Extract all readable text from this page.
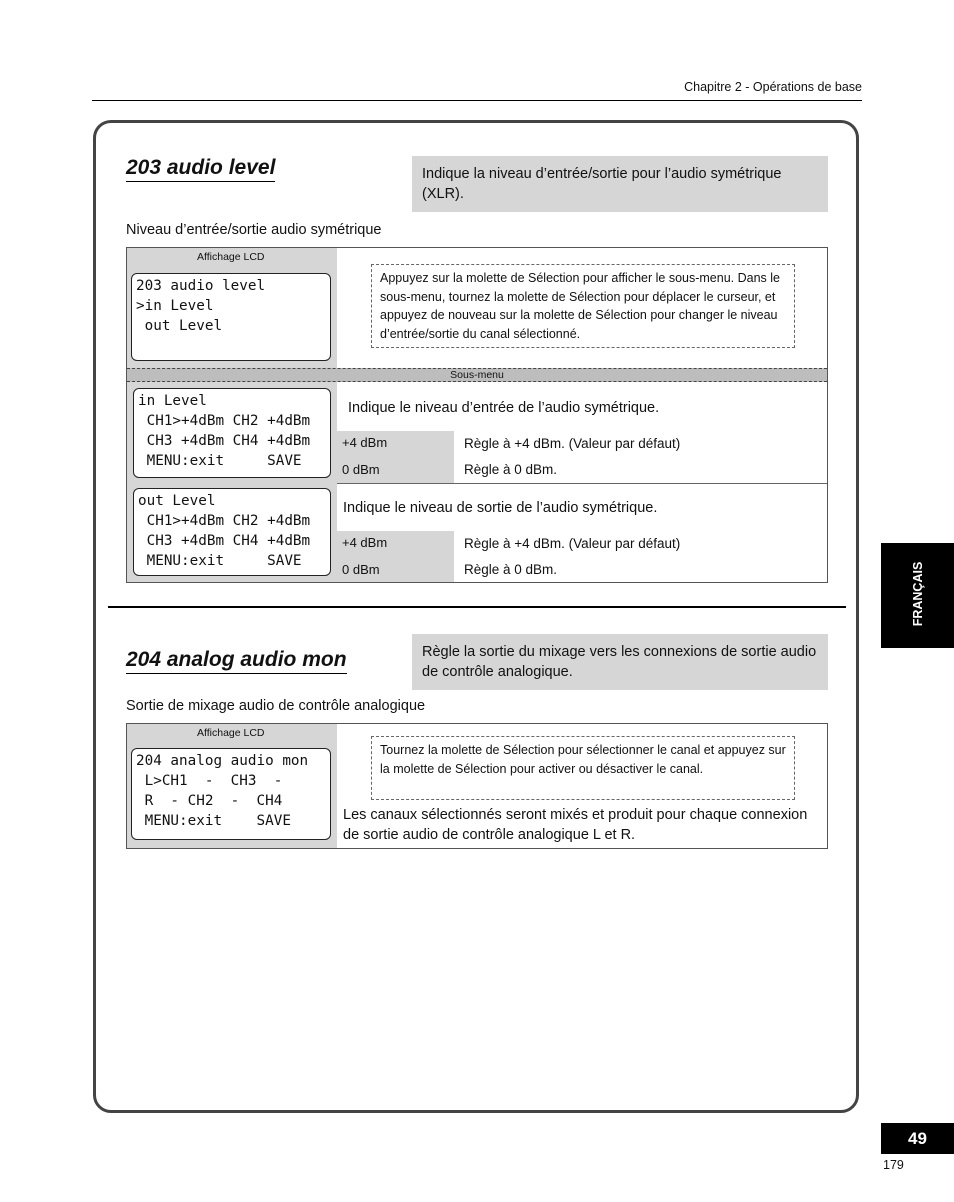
Chapitre 2 - Opérations de base
203 audio level	Indique la niveau d’entrée/sortie pour l’audio symétrique (XLR).
Niveau d’entrée/sortie audio symétrique
Affichage LCD
203 audio level
>in Level
out Level
Appuyez sur la molette de Sélection pour afficher le sous-menu. Dans le sous-menu, tournez la molette de Sélection pour déplacer le curseur, et appuyez de nouveau sur la molette de Sélection pour changer le niveau d’entrée/sortie du canal sélectionné.
Sous-menu
in Level
CH1>+4dBm CH2 +4dBm
CH3 +4dBm CH4 +4dBm
MENU:exit     SAVE
Indique le niveau d’entrée de l’audio symétrique.
+4 dBm	Règle à +4 dBm. (Valeur par défaut)
0 dBm	Règle à 0 dBm.
out Level
CH1>+4dBm CH2 +4dBm
CH3 +4dBm CH4 +4dBm
MENU:exit     SAVE
Indique le niveau de sortie de l’audio symétrique.
+4 dBm	Règle à +4 dBm. (Valeur par défaut)
0 dBm	Règle à 0 dBm.
204 analog audio mon	Règle la sortie du mixage vers les connexions de sortie audio de contrôle analogique.
Sortie de mixage audio de contrôle analogique
Affichage LCD
204 analog audio mon
L>CH1  -  CH3  -
R  - CH2  -  CH4
MENU:exit    SAVE
Tournez la molette de Sélection pour sélectionner le canal et appuyez sur la molette de Sélection pour activer ou désactiver le canal.
Les canaux sélectionnés seront mixés et produit pour chaque connexion de sortie audio de contrôle analogique L et R.
FRANÇAIS
49
179
